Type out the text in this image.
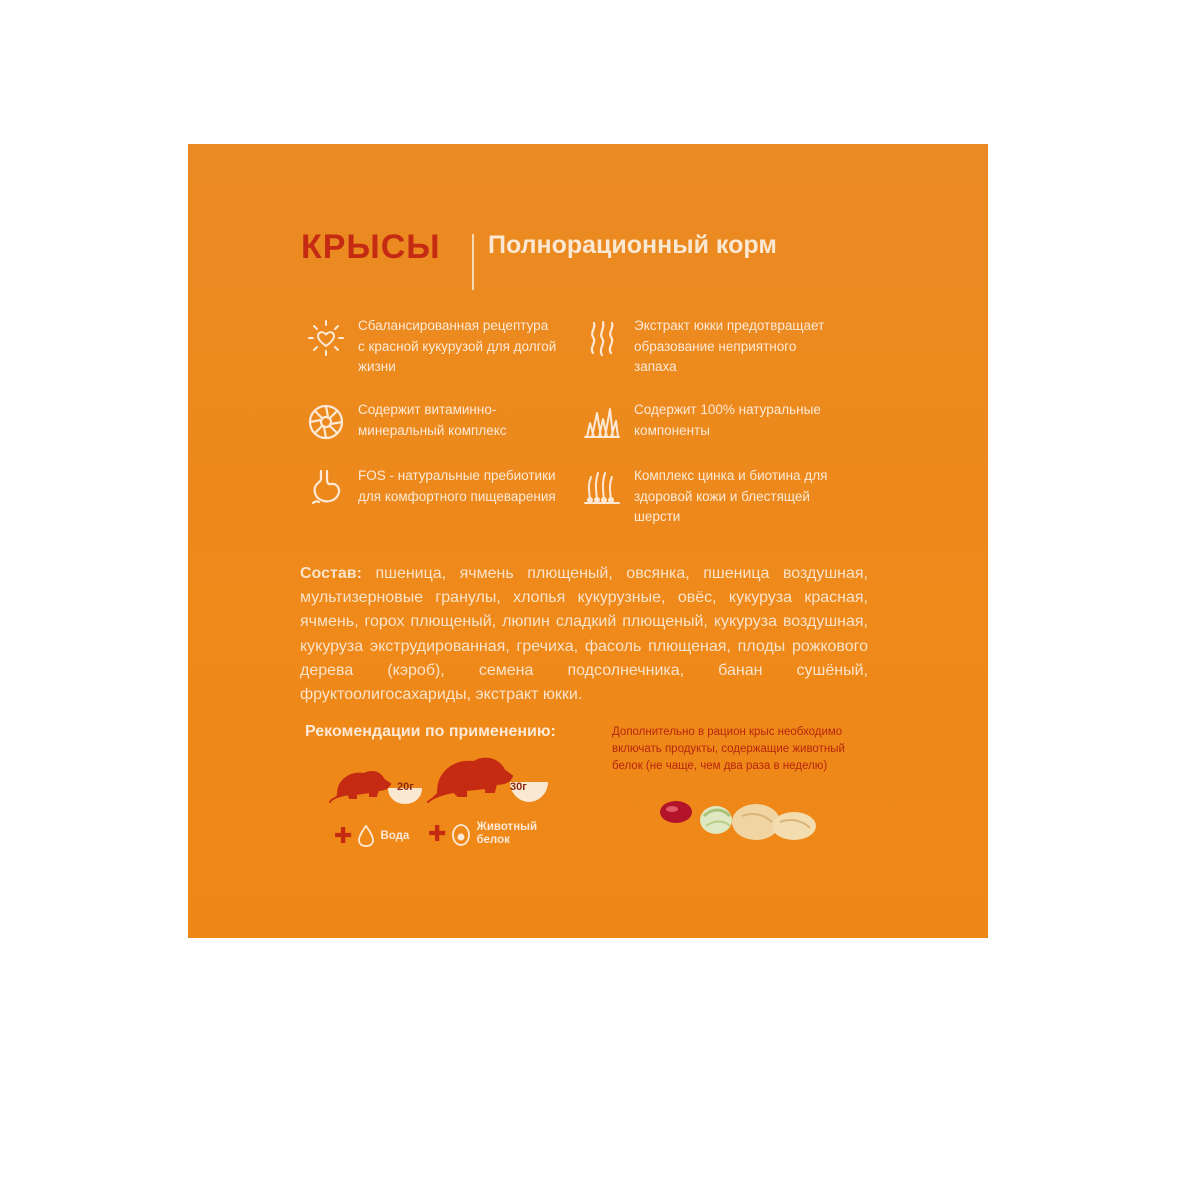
КРЫСЫ Полнорационный корм
Сбалансированная рецептура с красной кукурузой для долгой жизни
Экстракт юкки предотвращает образование неприятного запаха
Содержит витаминно-минеральный комплекс
Содержит 100% натуральные компоненты
FOS - натуральные пребиотики для комфортного пищеварения
Комплекс цинка и биотина для здоровой кожи и блестящей шерсти
Состав: пшеница, ячмень плющеный, овсянка, пшеница воздушная, мультизерновые гранулы, хлопья кукурузные, овёс, кукуруза красная, ячмень, горох плющеный, люпин сладкий плющеный, кукуруза воздушная, кукуруза экструдированная, гречиха, фасоль плющеная, плоды рожкового дерева (кэроб), семена подсолнечника, банан сушёный, фруктоолигосахариды, экстракт юкки.
Рекомендации по применению:
20г	30г
✚ Вода ✚	Животный белок
Дополнительно в рацион крыс необходимо включать продукты, содержащие животный белок (не чаще, чем два раза в неделю)
